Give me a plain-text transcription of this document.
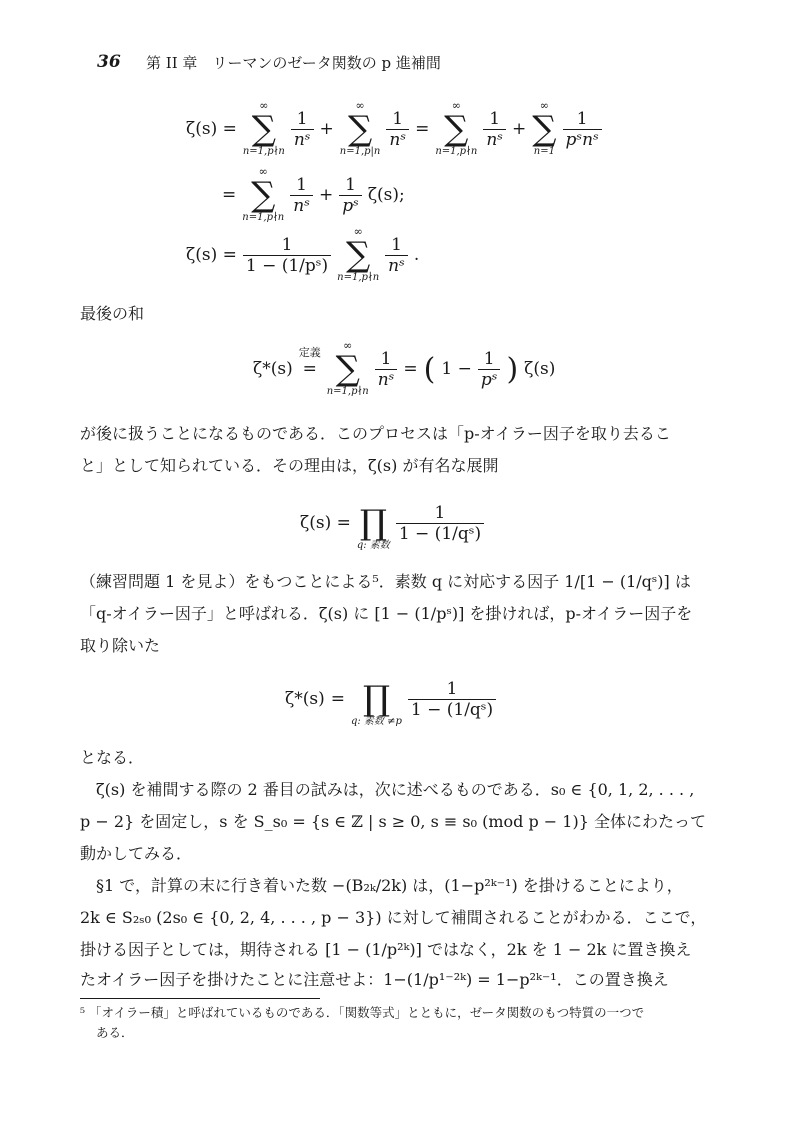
36 第 II 章　リーマンのゼータ関数の p 進補間
ζ(s) =
∞
∑
n=1,p∤n
$\frac{1}{\text{nˢ}}$ +
∞
∑
n=1,p|n
$\frac{1}{\text{nˢ}}$ =
∞
∑
n=1,p∤n
$\frac{1}{\text{nˢ}}$ +
∞
∑
n=1
$\frac{1}{\text{pˢnˢ}}$
=
∞
∑
n=1,p∤n
$\frac{1}{\text{nˢ}} + \frac{1}{\text{pˢ}} \zeta(s)$;
$\zeta(s) = \frac{1}{\text{1 − (1/pˢ)}}$
∞
∑
n=1,p∤n
$\frac{1}{\text{nˢ}}$ .
最後の和
ζ*(s)
定義
=

∞
∑
n=1,p∤n
$\frac{1}{\text{nˢ}}$ = ( $1 - \frac{1}{\text{pˢ}}$ ) ζ(s)
が後に扱うことになるものである．このプロセスは「p-オイラー因子を取り去るこ
と」として知られている．その理由は，ζ(s) が有名な展開
ζ(s) =
∏
q: 素数
$\frac{1}{\text{1 − (1/qˢ)}}$
（練習問題 1 を見よ）をもつことによる⁵．素数 q に対応する因子 1/[1 − (1/qˢ)] は
「q-オイラー因子」と呼ばれる．ζ(s) に [1 − (1/pˢ)] を掛ければ，p-オイラー因子を
取り除いた
ζ*(s) =
∏
q: 素数 ≠p
$\frac{1}{\text{1 − (1/qˢ)}}$
となる．
ζ(s) を補間する際の 2 番目の試みは，次に述べるものである．s₀ ∈ {0, 1, 2, . . . ,
p − 2} を固定し，s を S_s₀ = {s ∈ ℤ | s ≥ 0, s ≡ s₀ (mod p − 1)} 全体にわたって
動かしてみる．
§1 で，計算の末に行き着いた数 −(B₂ₖ/2k) は，(1−p²ᵏ⁻¹) を掛けることにより，
2k ∈ S₂ₛ₀ (2s₀ ∈ {0, 2, 4, . . . , p − 3}) に対して補間されることがわかる．ここで，
掛ける因子としては，期待される [1 − (1/p²ᵏ)] ではなく，2k を 1 − 2k に置き換え
たオイラー因子を掛けたことに注意せよ：1−(1/p¹⁻²ᵏ) = 1−p²ᵏ⁻¹．この置き換え
⁵ 「オイラー積」と呼ばれているものである．「関数等式」とともに，ゼータ関数のもつ特質の一つで
ある．
